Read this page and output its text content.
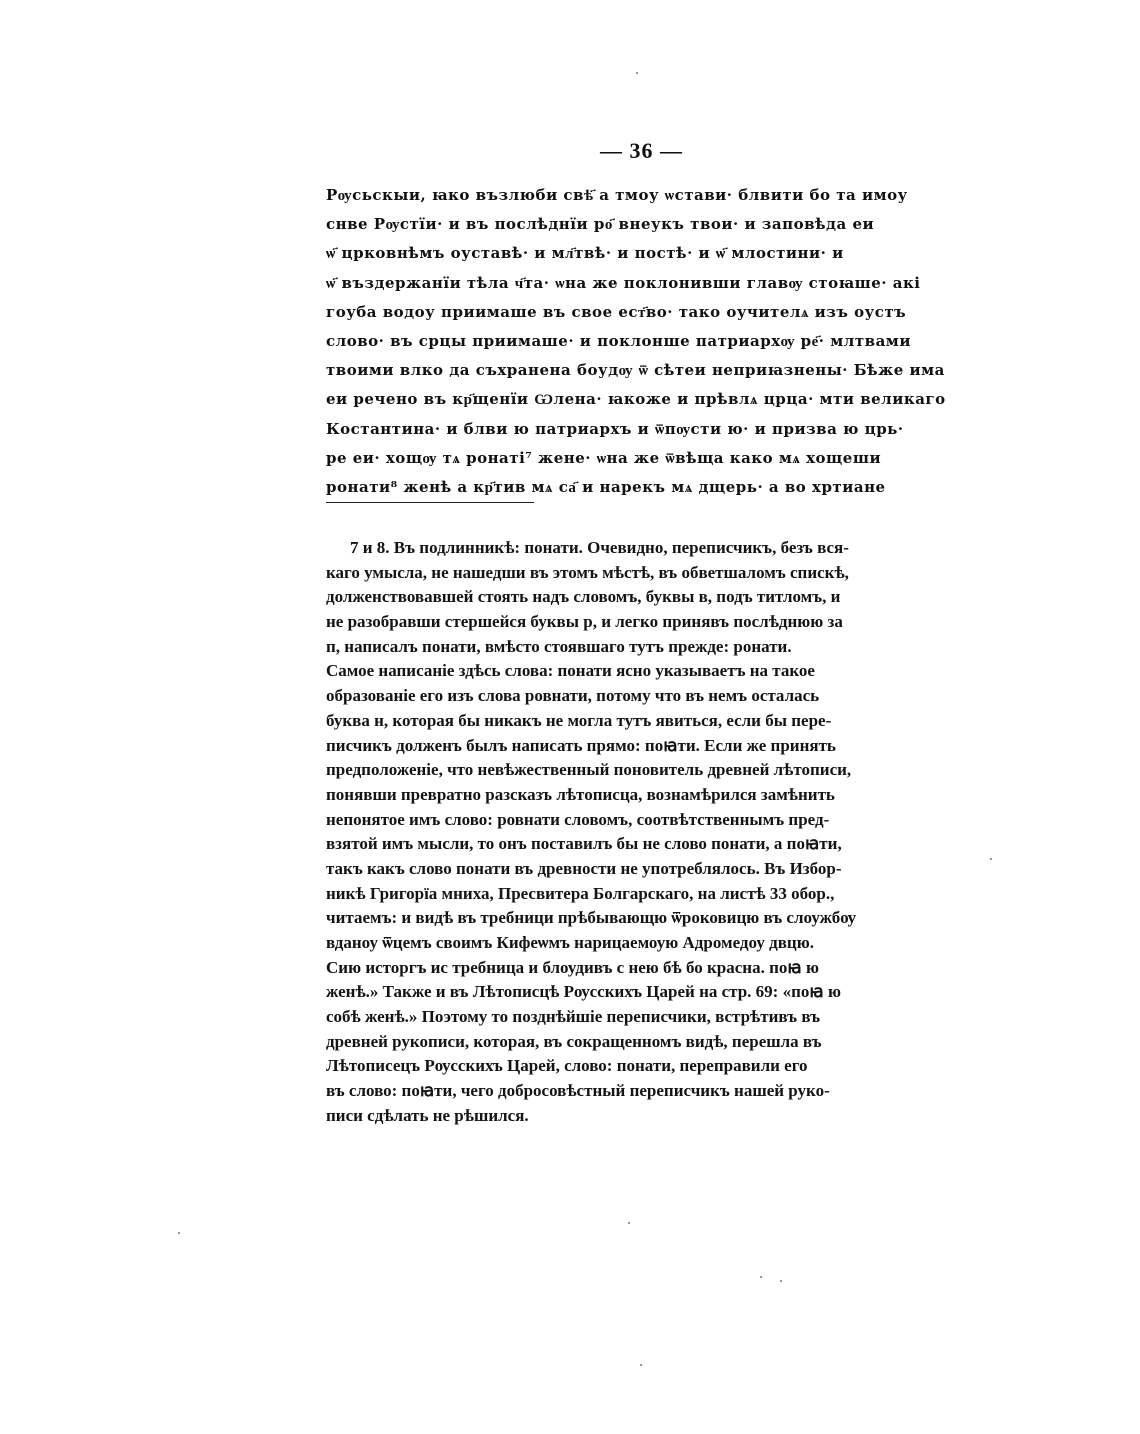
— 36 —
Рѹсьскыи, ꙗко възлюби свѣ҃ а тмоу ѡстави· блвити бо та имоу
снве Рѹстїи· и въ послѣднїи ро҃ внеукъ твои· и заповѣда еи
ѡ҃ црковнѣмъ оуставѣ· и мл҃твѣ· и постѣ· и ѡ҃ млостини· и
ѡ҃ въздержанїи тѣла ч҃та· ѡна же поклонивши главѹ стоꙗше· акі
гоуба водоу приимаше въ свое ест҃во· тако оучителѧ изъ оустъ
слово· въ срцы приимаше· и поклонше патриархѹ ре҃· млтвами
твоими влко да съхранена боудѹ ѿ сѣтеи неприꙗзнены· Бѣже има
еи речено въ кр҃щенїи Ѡлена· ꙗкоже и прѣвлѧ црца· мти великаго
Костантина· и блви ю патриархъ и ѿпѹсти ю· и призва ю црь·
ре еи· хощѹ тѧ ронаті⁷ жене· ѡна же ѿвѣща како мѧ хощеши
ронати⁸ женѣ а кр҃тив мѧ са҃ и нарекъ мѧ дщерь· а во хртиане
7 и 8. Въ подлинникѣ: понати. Очевидно, переписчикъ, безъ вся-
каго умысла, не нашедши въ этомъ мѣстѣ, въ обветшаломъ спискѣ,
долженствовавшей стоять надъ словомъ, буквы в, подъ титломъ, и
не разобравши стершейся буквы р, и легко принявъ послѣднюю за
п, написалъ понати, вмѣсто стоявшаго тутъ прежде: ронати.
Самое написаніе здѣсь слова: понати ясно указываетъ на такое
образованіе его изъ слова ровнати, потому что въ немъ осталась
буква н, которая бы никакъ не могла тутъ явиться, если бы пере-
писчикъ долженъ былъ написать прямо: поꙗти. Если же принять
предположеніе, что невѣжественный поновитель древней лѣтописи,
понявши превратно разсказъ лѣтописца, вознамѣрился замѣнить
непонятое имъ слово: ровнати словомъ, соотвѣтственнымъ пред-
взятой имъ мысли, то онъ поставилъ бы не слово понати, а поꙗти,
такъ какъ слово понати въ древности не употреблялось. Въ Избор-
никѣ Григорїа мниха, Пресвитера Болгарскаго, на листѣ 33 обор.,
читаемъ: и видѣ въ требници прѣбывающю ѿроковицю въ слоужбѹ
вданоу ѿцемъ своимъ Кифеѡмъ нарицаемоую Адромедоу двцю.
Сию исторгъ ис требница и блоудивъ с нею бѣ бо красна. поꙗ ю
женѣ.» Также и въ Лѣтописцѣ Рѹсскихъ Царей на стр. 69: «поꙗ ю
собѣ женѣ.» Поэтому то позднѣйшіе переписчики, встрѣтивъ въ
древней рукописи, которая, въ сокращенномъ видѣ, перешла въ
Лѣтописецъ Рѹсскихъ Царей, слово: понати, переправили его
въ слово: поꙗти, чего добросовѣстный переписчикъ нашей руко-
писи сдѣлать не рѣшился.
